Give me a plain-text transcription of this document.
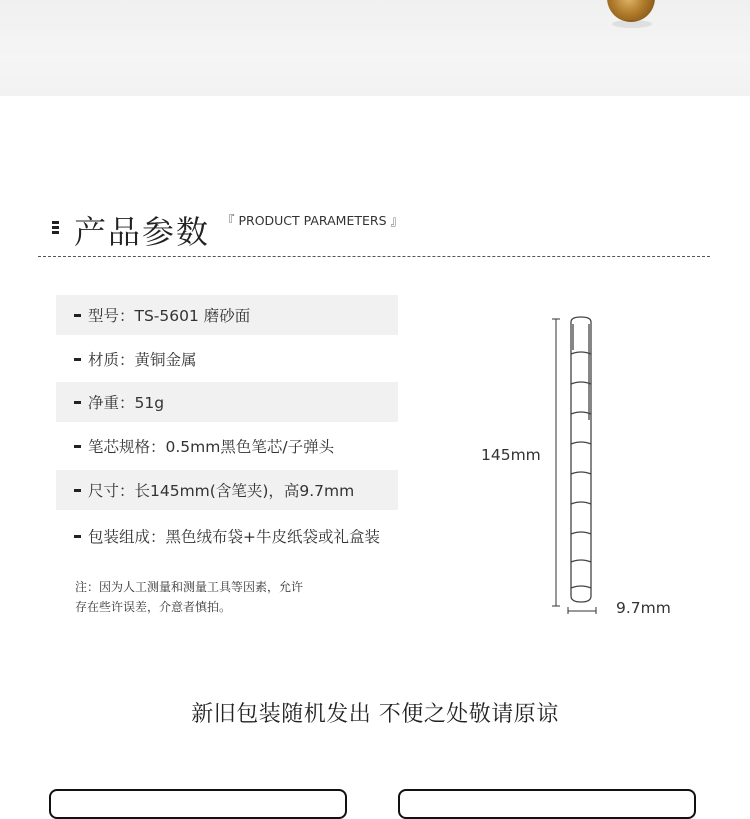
产品参数 『 PRODUCT PARAMETERS 』
型号：TS-5601 磨砂面
材质：黄铜金属
净重：51g
笔芯规格：0.5mm黑色笔芯/子弹头
尺寸：长145mm(含笔夹)，高9.7mm
包装组成：黑色绒布袋+牛皮纸袋或礼盒装
注：因为人工测量和测量工具等因素，允许
存在些许误差，介意者慎拍。
145mm
9.7mm
新旧包装随机发出 不便之处敬请原谅
